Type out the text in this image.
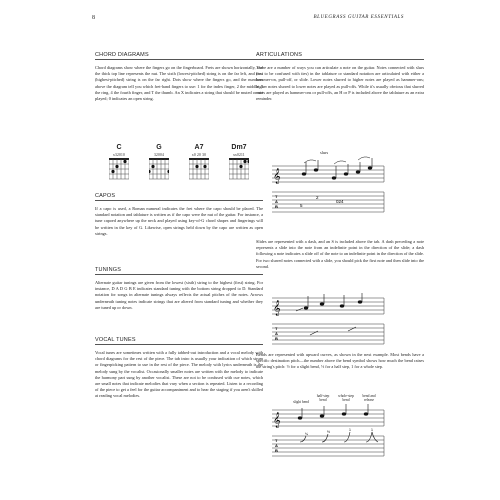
8	BLUEGRASS GUITAR ESSENTIALS
CHORD DIAGRAMS

Chord diagrams show where the fingers go on the fingerboard. Frets are shown horizontally, and the thick top line represents the nut. The sixth (lowest-pitched) string is on the far left, and first (highest-pitched) string is on the far right. Dots show where the fingers go, and the numbers above the diagram tell you which fret-hand fingers to use: 1 for the index finger, 2 the middle, 3 the ring, 4 the fourth finger, and T the thumb. An X indicates a string that should be muted or not played; 0 indicates an open string.

C
x32010
G
32004
A7
x0 20 30
Dm7
xx0211
CAPOS

If a capo is used, a Roman numeral indicates the fret where the capo should be placed. The standard notation and tablature is written as if the capo were the nut of the guitar. For instance, a tune capoed anywhere up the neck and played using key-of-G chord shapes and fingerings will be written in the key of G. Likewise, open strings held down by the capo are written as open strings.

TUNINGS

Alternate guitar tunings are given from the lowest (sixth) string to the highest (first) string. For instance, D A D G B E indicates standard tuning with the bottom string dropped to D. Standard notation for songs in alternate tunings always reflects the actual pitches of the notes. Arrows underneath tuning notes indicate strings that are altered from standard tuning and whether they are tuned up or down.

VOCAL TUNES

Vocal tunes are sometimes written with a fully tabbed-out introduction and a vocal melody with chord diagrams for the rest of the piece. The tab intro is usually your indication of which strum or fingerpicking pattern to use in the rest of the piece. The melody with lyrics underneath is the melody sung by the vocalist. Occasionally smaller notes are written with the melody to indicate the harmony part sung by another vocalist. These are not to be confused with cue notes, which are small notes that indicate melodies that vary when a section is repeated. Listen to a recording of the piece to get a feel for the guitar accompaniment and to hear the staging if you aren't skilled at reading vocal melodies.

ARTICULATIONS

There are a number of ways you can articulate a note on the guitar. Notes connected with slurs (not to be confused with ties) in the tablature or standard notation are articulated with either a hammer-on, pull-off, or slide. Lower notes slurred to higher notes are played as hammer-ons; higher notes slurred to lower notes are played as pull-offs. While it's usually obvious that slurred notes are played as hammer-ons or pull-offs, an H or P is included above the tablature as an extra reminder.

slurs
𝄞
T
A
B	5
2
024

Slides are represented with a dash, and an S is included above the tab. A dash preceding a note represents a slide into the note from an indefinite point in the direction of the slide; a dash following a note indicates a slide off of the note to an indefinite point in the direction of the slide. For two slurred notes connected with a slide, you should pick the first note and then slide into the second.

𝄞
T
A
B

Bends are represented with upward curves, as shown in the next example. Most bends have a specific destination pitch—the number above the bend symbol shows how much the bend raises the string's pitch: ½ for a slight bend, ½ for a half step, 1 for a whole step.

slight bend
half-step bend
whole-step bend
bend and release
𝄞
T
A
B
¼	½	1	1
